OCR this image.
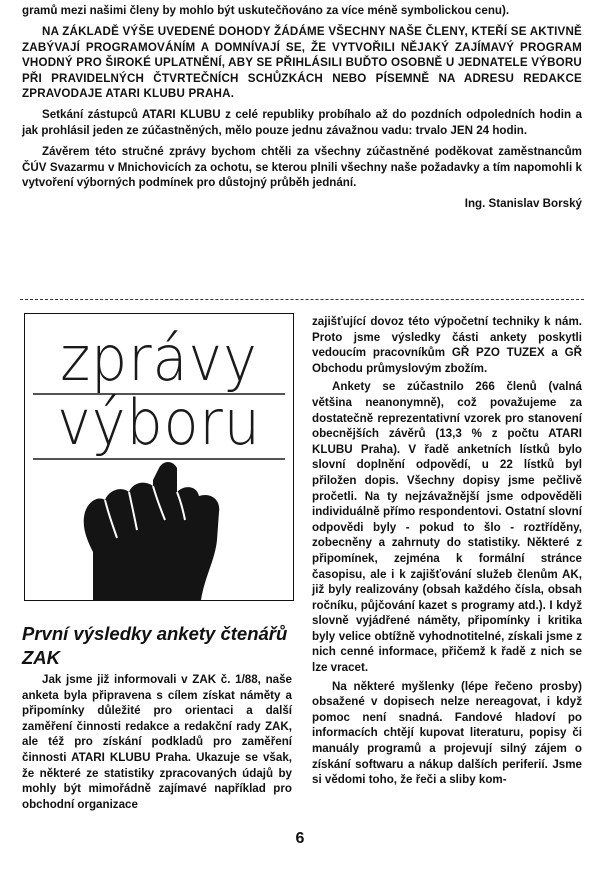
gramů mezi našimi členy by mohlo být uskutečňováno za více méně symbolickou cenu).

NA ZÁKLADĚ VÝŠE UVEDENÉ DOHODY ŽÁDÁME VŠECHNY NAŠE ČLENY, KTEŘÍ SE AKTIVNĚ ZABÝVAJÍ PROGRAMOVÁNÍM A DOMNÍVAJÍ SE, ŽE VYTVOŘILI NĚJAKÝ ZAJÍMAVÝ PROGRAM VHODNÝ PRO ŠIROKÉ UPLATNĚNÍ, ABY SE PŘIHLÁSILI BUĎTO OSOBNĚ U JEDNATELE VÝBORU PŘI PRAVIDELNÝCH ČTVRTEČNÍCH SCHŮZKÁCH NEBO PÍSEMNĚ NA ADRESU REDAKCE ZPRAVODAJE ATARI KLUBU PRAHA.

Setkání zástupců ATARI KLUBU z celé republiky probíhalo až do pozdních odpoledních hodin a jak prohlásil jeden ze zúčastněných, mělo pouze jednu závažnou vadu: trvalo JEN 24 hodin.

Závěrem této stručné zprávy bychom chtěli za všechny zúčastněné poděkovat zaměstnancům ČÚV Svazarmu v Mnichovicích za ochotu, se kterou plnili všechny naše požadavky a tím napomohli k vytvoření výborných podmínek pro důstojný průběh jednání.

Ing. Stanislav Borský

zprávy
výboru
První výsledky ankety čtenářů ZAK

Jak jsme již informovali v ZAK č. 1/88, naše anketa byla připravena s cílem získat náměty a připomínky důležité pro orientaci a další zaměření činnosti redakce a redakční rady ZAK, ale též pro získání podkladů pro zaměření činnosti ATARI KLUBU Praha. Ukazuje se však, že některé ze statistiky zpracovaných údajů by mohly být mimořádně zajímavé například pro obchodní organizace

zajišťující dovoz této výpočetní techniky k nám. Proto jsme výsledky části ankety poskytli vedoucím pracovníkům GŘ PZO TUZEX a GŘ Obchodu průmyslovým zbožím.

Ankety se zúčastnilo 266 členů (valná většina neanonymně), což považujeme za dostatečně reprezentativní vzorek pro stanovení obecnějších závěrů (13,3 % z počtu ATARI KLUBU Praha). V řadě anketních lístků bylo slovní doplnění odpovědí, u 22 lístků byl přiložen dopis. Všechny dopisy jsme pečlivě pročetli. Na ty nejzávažnější jsme odpověděli individuálně přímo respondentovi. Ostatní slovní odpovědi byly - pokud to šlo - roztříděny, zobecněny a zahrnuty do statistiky. Některé z připomínek, zejména k formální stránce časopisu, ale i k zajišťování služeb členům AK, již byly realizovány (obsah každého čísla, obsah ročníku, půjčování kazet s programy atd.). I když slovně vyjádřené náměty, připomínky i kritika byly velice obtížně vyhodnotitelné, získali jsme z nich cenné informace, přičemž k řadě z nich se lze vracet.

Na některé myšlenky (lépe řečeno prosby) obsažené v dopisech nelze nereagovat, i když pomoc není snadná. Fandové hladoví po informacích chtějí kupovat literaturu, popisy či manuály programů a projevují silný zájem o získání softwaru a nákup dalších periferií. Jsme si vědomi toho, že řeči a sliby kom-

6
